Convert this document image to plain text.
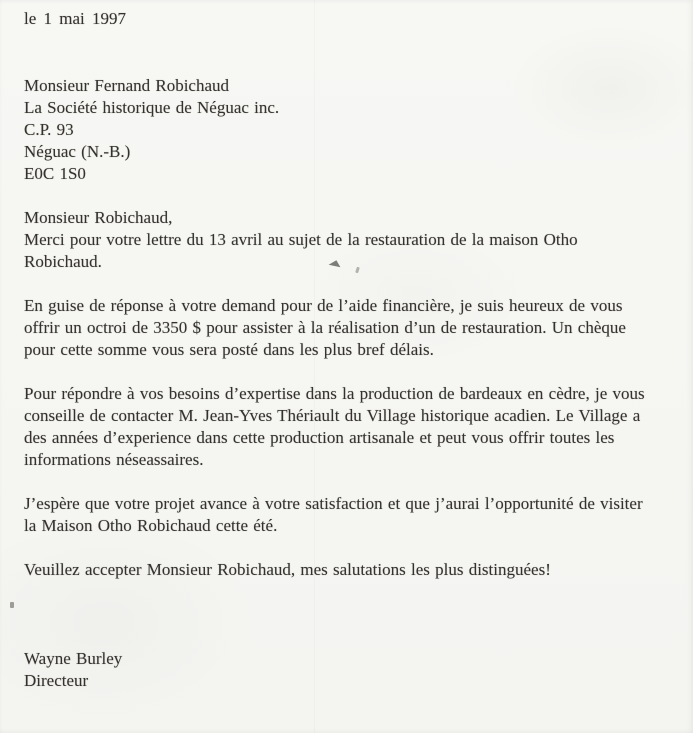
le 1 mai 1997
Monsieur Fernand Robichaud
La Société historique de Néguac inc.
C.P. 93
Néguac (N.-B.)
E0C 1S0
Monsieur Robichaud,
Merci pour votre lettre du 13 avril au sujet de la restauration de la maison Otho
Robichaud.
En guise de réponse à votre demand pour de l’aide financière, je suis heureux de vous
offrir un octroi de 3350 $ pour assister à la réalisation d’un de restauration. Un chèque
pour cette somme vous sera posté dans les plus bref délais.
Pour répondre à vos besoins d’expertise dans la production de bardeaux en cèdre, je vous
conseille de contacter M. Jean-Yves Thériault du Village historique acadien. Le Village a
des années d’experience dans cette production artisanale et peut vous offrir toutes les
informations néseassaires.
J’espère que votre projet avance à votre satisfaction et que j’aurai l’opportunité de visiter
la Maison Otho Robichaud cette été.
Veuillez accepter Monsieur Robichaud, mes salutations les plus distinguées!
Wayne Burley
Directeur
